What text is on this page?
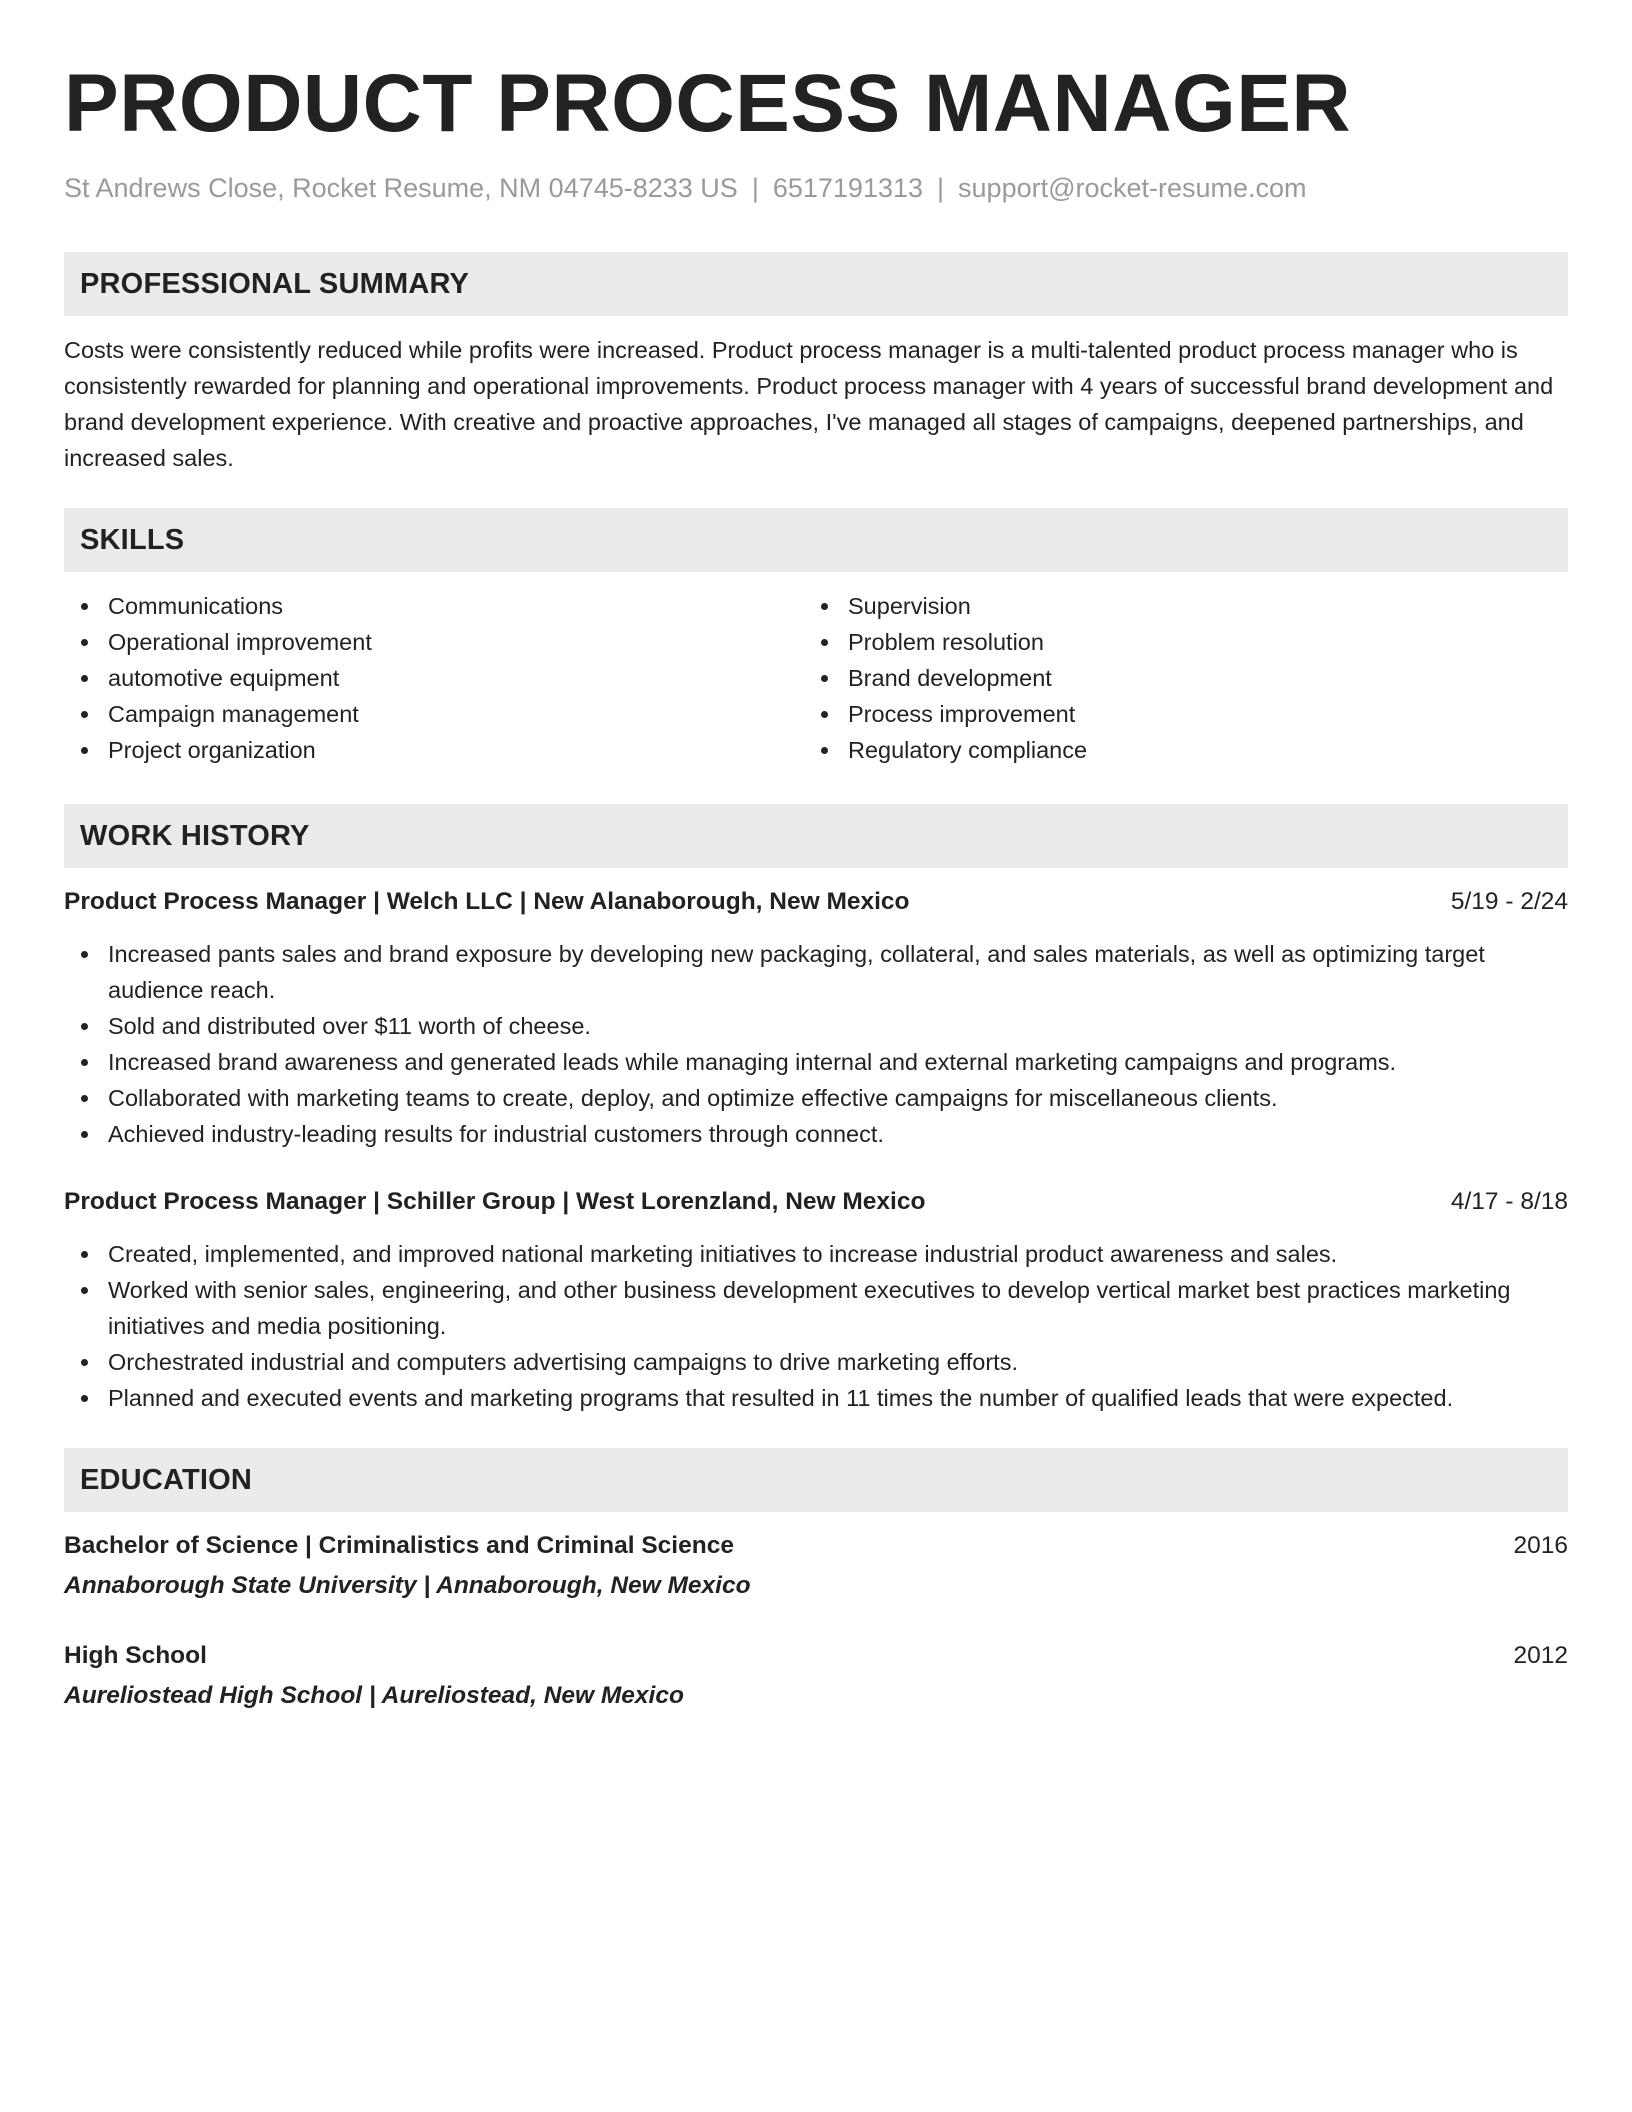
PRODUCT PROCESS MANAGER
St Andrews Close, Rocket Resume, NM 04745-8233 US | 6517191313 | support@rocket-resume.com
PROFESSIONAL SUMMARY
Costs were consistently reduced while profits were increased. Product process manager is a multi-talented product process manager who is consistently rewarded for planning and operational improvements. Product process manager with 4 years of successful brand development and brand development experience. With creative and proactive approaches, I've managed all stages of campaigns, deepened partnerships, and increased sales.
SKILLS
Communications
Operational improvement
automotive equipment
Campaign management
Project organization
Supervision
Problem resolution
Brand development
Process improvement
Regulatory compliance
WORK HISTORY
Product Process Manager | Welch LLC | New Alanaborough, New Mexico	5/19 - 2/24
Increased pants sales and brand exposure by developing new packaging, collateral, and sales materials, as well as optimizing target audience reach.
Sold and distributed over $11 worth of cheese.
Increased brand awareness and generated leads while managing internal and external marketing campaigns and programs.
Collaborated with marketing teams to create, deploy, and optimize effective campaigns for miscellaneous clients.
Achieved industry-leading results for industrial customers through connect.
Product Process Manager | Schiller Group | West Lorenzland, New Mexico	4/17 - 8/18
Created, implemented, and improved national marketing initiatives to increase industrial product awareness and sales.
Worked with senior sales, engineering, and other business development executives to develop vertical market best practices marketing initiatives and media positioning.
Orchestrated industrial and computers advertising campaigns to drive marketing efforts.
Planned and executed events and marketing programs that resulted in 11 times the number of qualified leads that were expected.
EDUCATION
Bachelor of Science | Criminalistics and Criminal Science	2016
Annaborough State University | Annaborough, New Mexico
High School	2012
Aureliostead High School | Aureliostead, New Mexico
